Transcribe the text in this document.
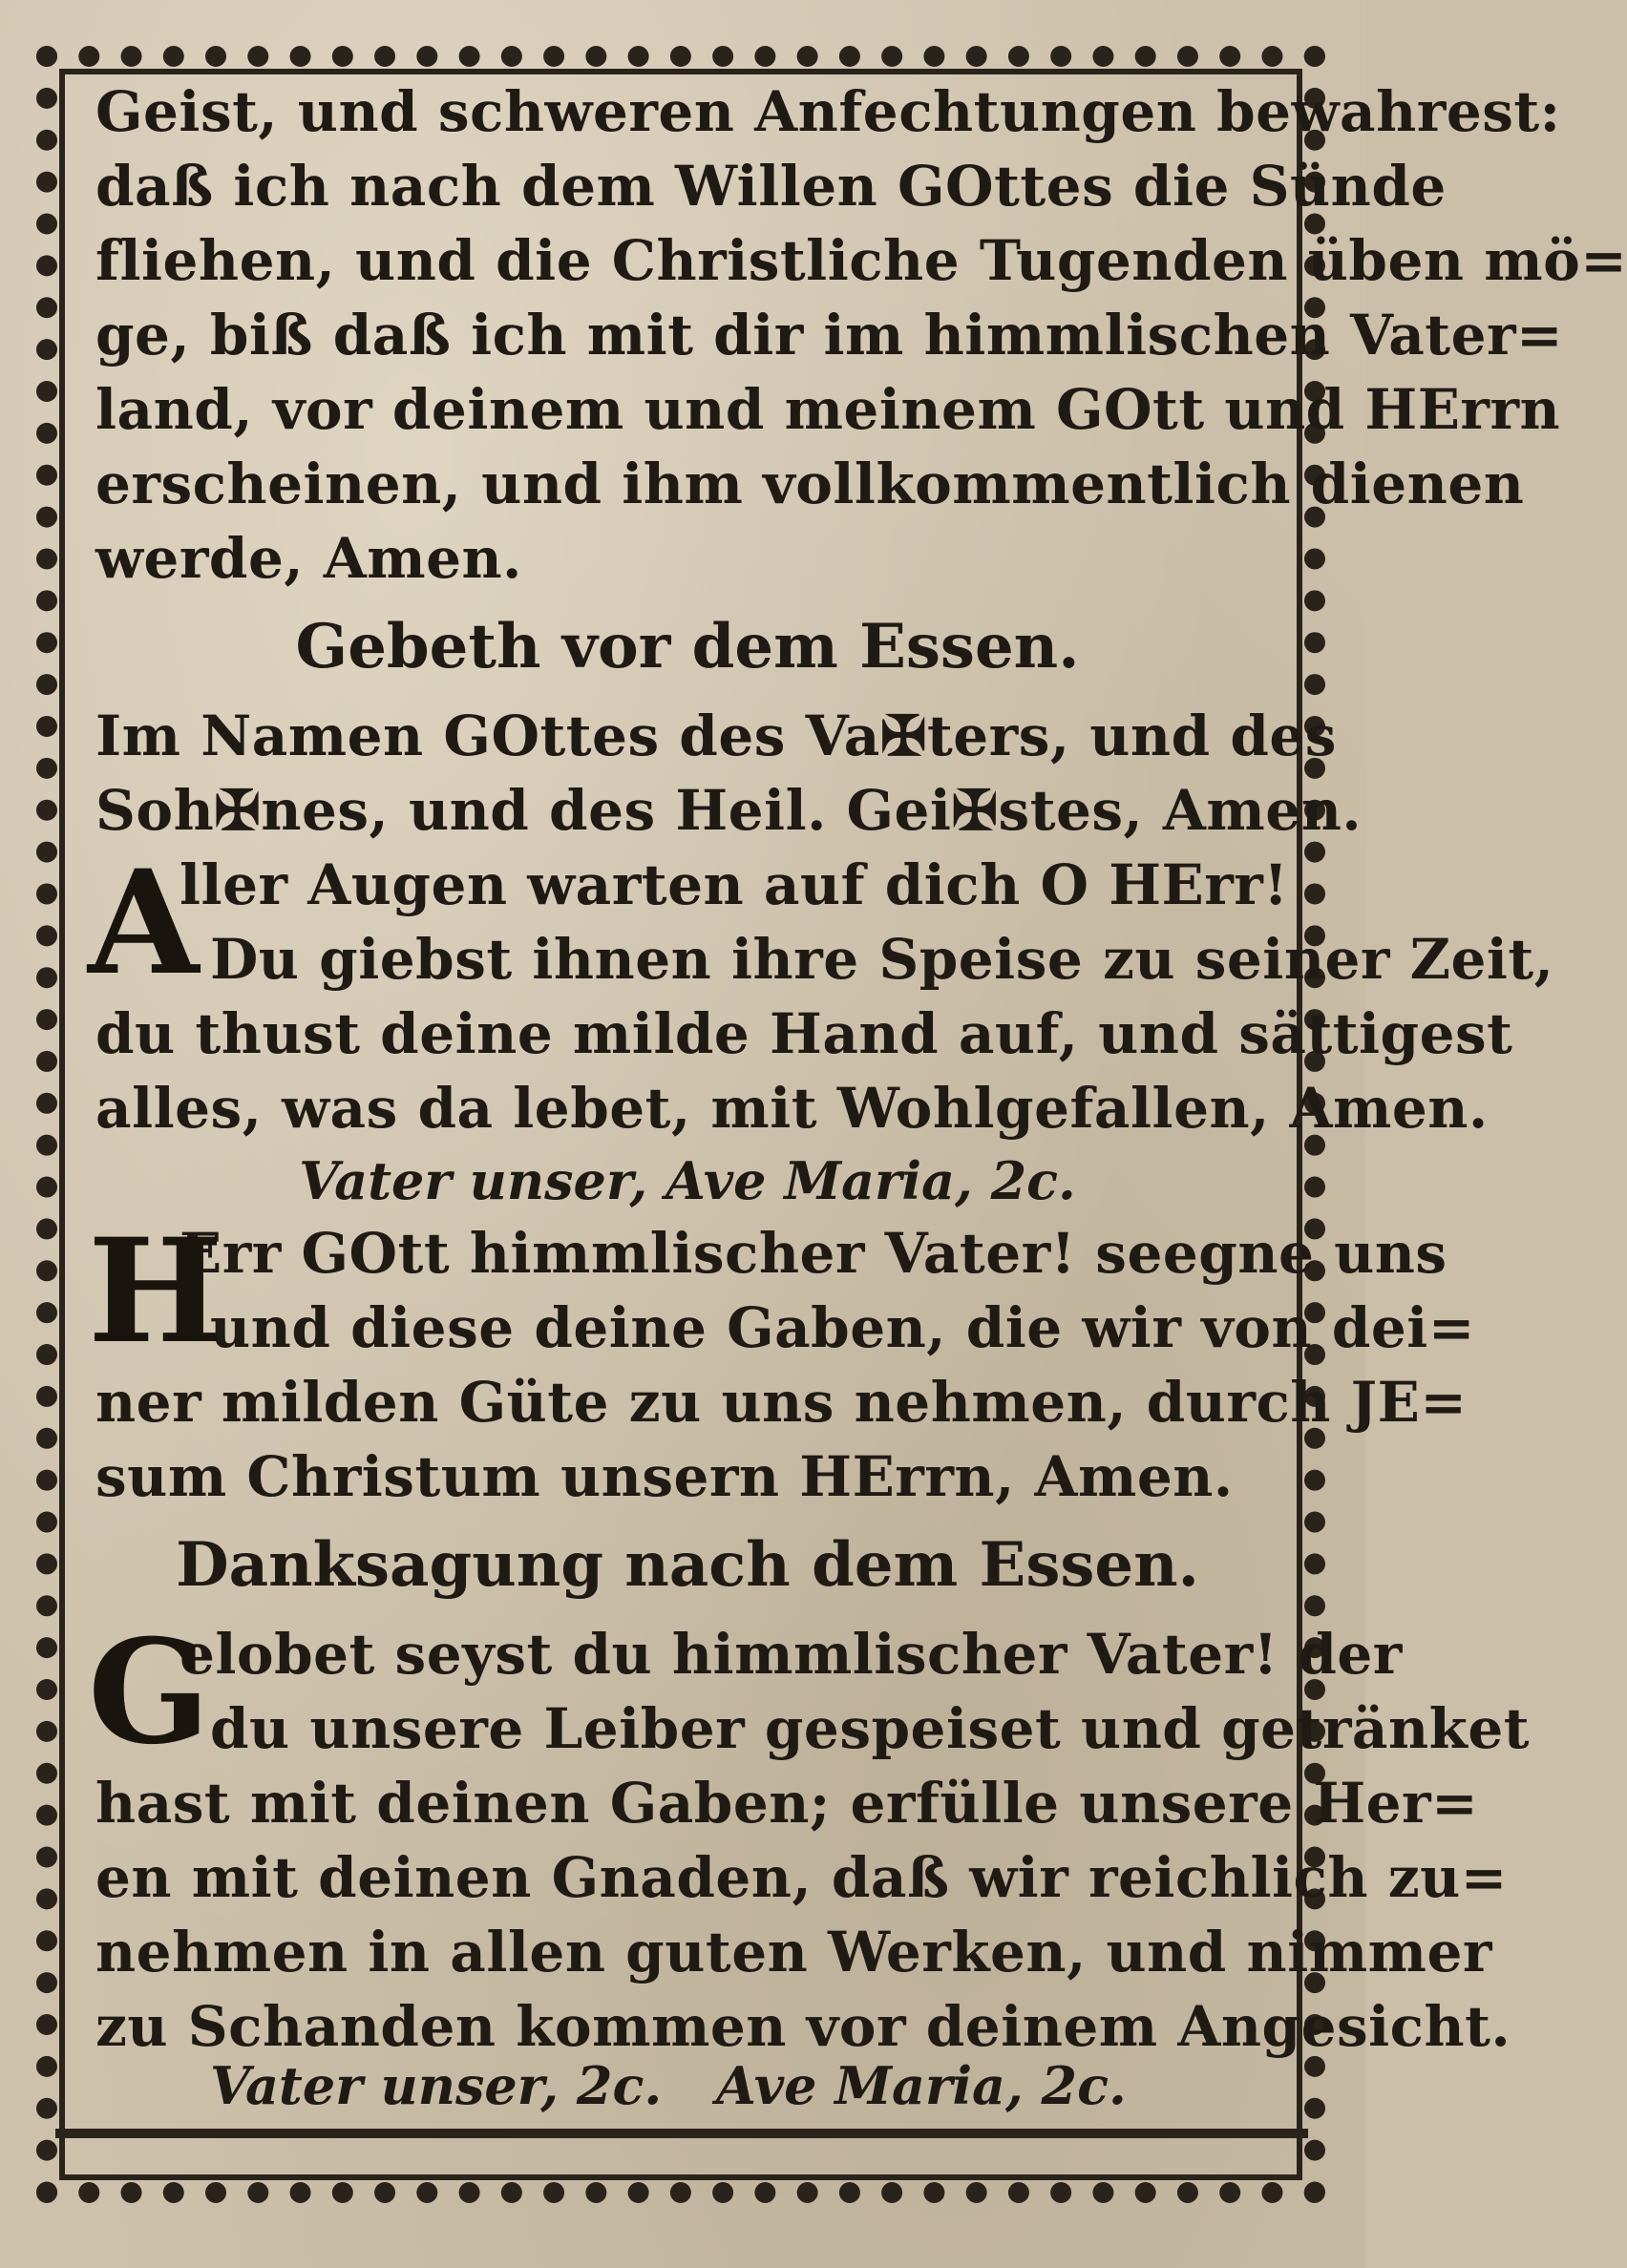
Geist, und schweren Anfechtungen bewahrest:
daß ich nach dem Willen GOttes die Sünde
fliehen, und die Christliche Tugenden üben mö=
ge, biß daß ich mit dir im himmlischen Vater=
land, vor deinem und meinem GOtt und HErrn
erscheinen, und ihm vollkommentlich dienen
werde, Amen.
Gebeth vor dem Essen.
Im Namen GOttes des Va✠ters, und des
Soh✠nes, und des Heil. Gei✠stes, Amen.
A
ller Augen warten auf dich O HErr!
Du giebst ihnen ihre Speise zu seiner Zeit,
du thust deine milde Hand auf, und sättigest
alles, was da lebet, mit Wohlgefallen, Amen.
Vater unser, Ave Maria, 2c.
H
Err GOtt himmlischer Vater! seegne uns
und diese deine Gaben, die wir von dei=
ner milden Güte zu uns nehmen, durch JE=
sum Christum unsern HErrn, Amen.
Danksagung nach dem Essen.
G
elobet seyst du himmlischer Vater! der
du unsere Leiber gespeiset und getränket
hast mit deinen Gaben; erfülle unsere Her=
en mit deinen Gnaden, daß wir reichlich zu=
nehmen in allen guten Werken, und nimmer
zu Schanden kommen vor deinem Angesicht.
Vater unser, 2c. Ave Maria, 2c.
